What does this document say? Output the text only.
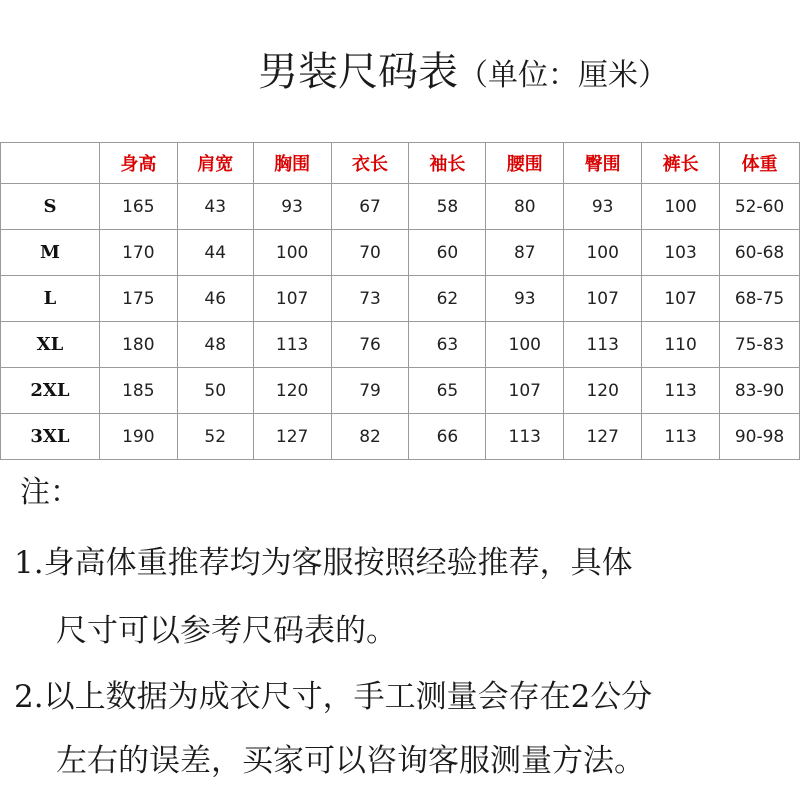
男装尺码表（单位：厘米）
	身高	肩宽	胸围	衣长	袖长	腰围	臀围	裤长	体重
S	165	43	93	67	58	80	93	100	52-60
M	170	44	100	70	60	87	100	103	60-68
L	175	46	107	73	62	93	107	107	68-75
XL	180	48	113	76	63	100	113	110	75-83
2XL	185	50	120	79	65	107	120	113	83-90
3XL	190	52	127	82	66	113	127	113	90-98
注：
1.身高体重推荐均为客服按照经验推荐，具体
尺寸可以参考尺码表的。
2.以上数据为成衣尺寸，手工测量会存在2公分
左右的误差，买家可以咨询客服测量方法。
